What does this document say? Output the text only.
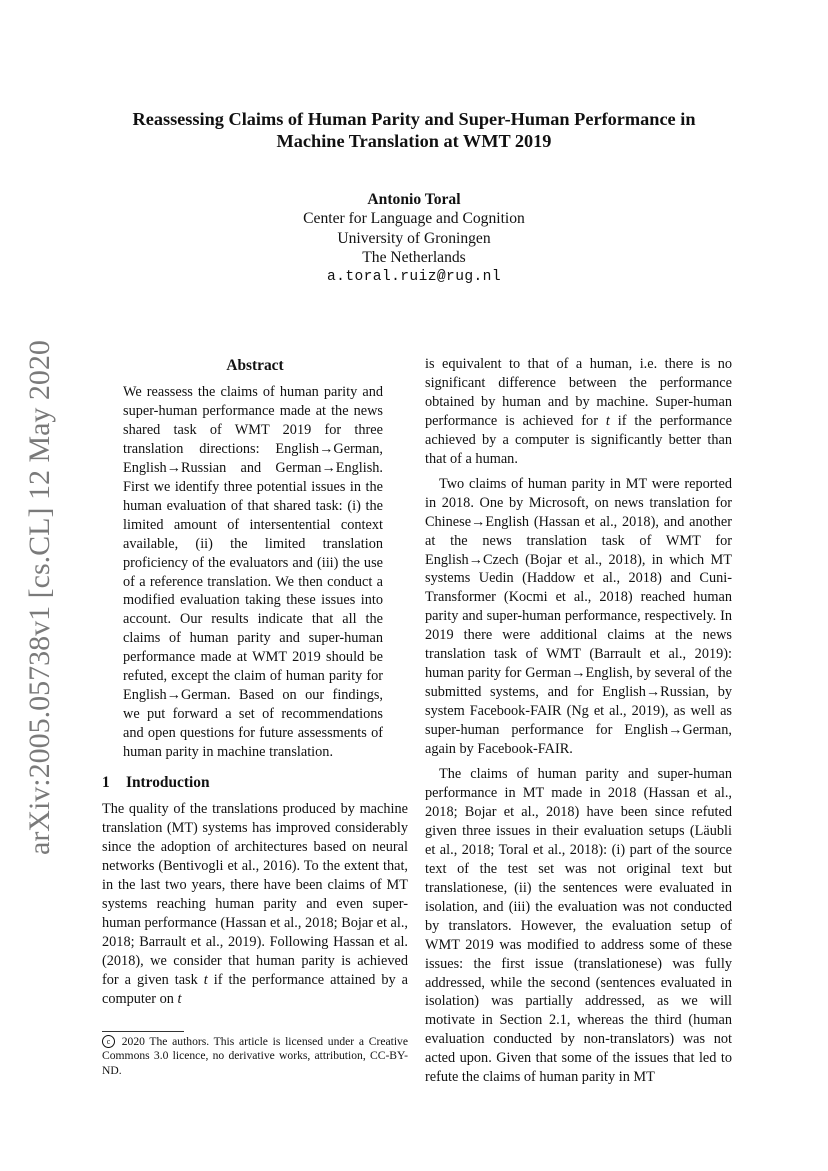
Reassessing Claims of Human Parity and Super-Human Performance in
Machine Translation at WMT 2019
Antonio Toral
Center for Language and Cognition
University of Groningen
The Netherlands
a.toral.ruiz@rug.nl
arXiv:2005.05738v1 [cs.CL] 12 May 2020	Abstract

We reassess the claims of human parity and super-human performance made at the news shared task of WMT 2019 for three translation directions: English→German, English→Russian and German→English. First we identify three potential issues in the human evaluation of that shared task: (i) the limited amount of intersentential context available, (ii) the limited translation proficiency of the evaluators and (iii) the use of a reference translation. We then conduct a modified evaluation taking these issues into account. Our results indicate that all the claims of human parity and super-human performance made at WMT 2019 should be refuted, except the claim of human parity for English→German. Based on our findings, we put forward a set of recommendations and open questions for future assessments of human parity in machine translation.

1 Introduction

The quality of the translations produced by machine translation (MT) systems has improved considerably since the adoption of architectures based on neural networks (Bentivogli et al., 2016). To the extent that, in the last two years, there have been claims of MT systems reaching human parity and even super-human performance (Hassan et al., 2018; Bojar et al., 2018; Barrault et al., 2019). Following Hassan et al. (2018), we consider that human parity is achieved for a given task t if the performance attained by a computer on t

is equivalent to that of a human, i.e. there is no significant difference between the performance obtained by human and by machine. Super-human performance is achieved for t if the performance achieved by a computer is significantly better than that of a human.

Two claims of human parity in MT were reported in 2018. One by Microsoft, on news translation for Chinese→English (Hassan et al., 2018), and another at the news translation task of WMT for English→Czech (Bojar et al., 2018), in which MT systems Uedin (Haddow et al., 2018) and Cuni-Transformer (Kocmi et al., 2018) reached human parity and super-human performance, respectively. In 2019 there were additional claims at the news translation task of WMT (Barrault et al., 2019): human parity for German→English, by several of the submitted systems, and for English→Russian, by system Facebook-FAIR (Ng et al., 2019), as well as super-human performance for English→German, again by Facebook-FAIR.

The claims of human parity and super-human performance in MT made in 2018 (Hassan et al., 2018; Bojar et al., 2018) have been since refuted given three issues in their evaluation setups (Läubli et al., 2018; Toral et al., 2018): (i) part of the source text of the test set was not original text but translationese, (ii) the sentences were evaluated in isolation, and (iii) the evaluation was not conducted by translators. However, the evaluation setup of WMT 2019 was modified to address some of these issues: the first issue (translationese) was fully addressed, while the second (sentences evaluated in isolation) was partially addressed, as we will motivate in Section 2.1, whereas the third (human evaluation conducted by non-translators) was not acted upon. Given that some of the issues that led to refute the claims of human parity in MT

c 2020 The authors. This article is licensed under a Creative Commons 3.0 licence, no derivative works, attribution, CC-BY-ND.
